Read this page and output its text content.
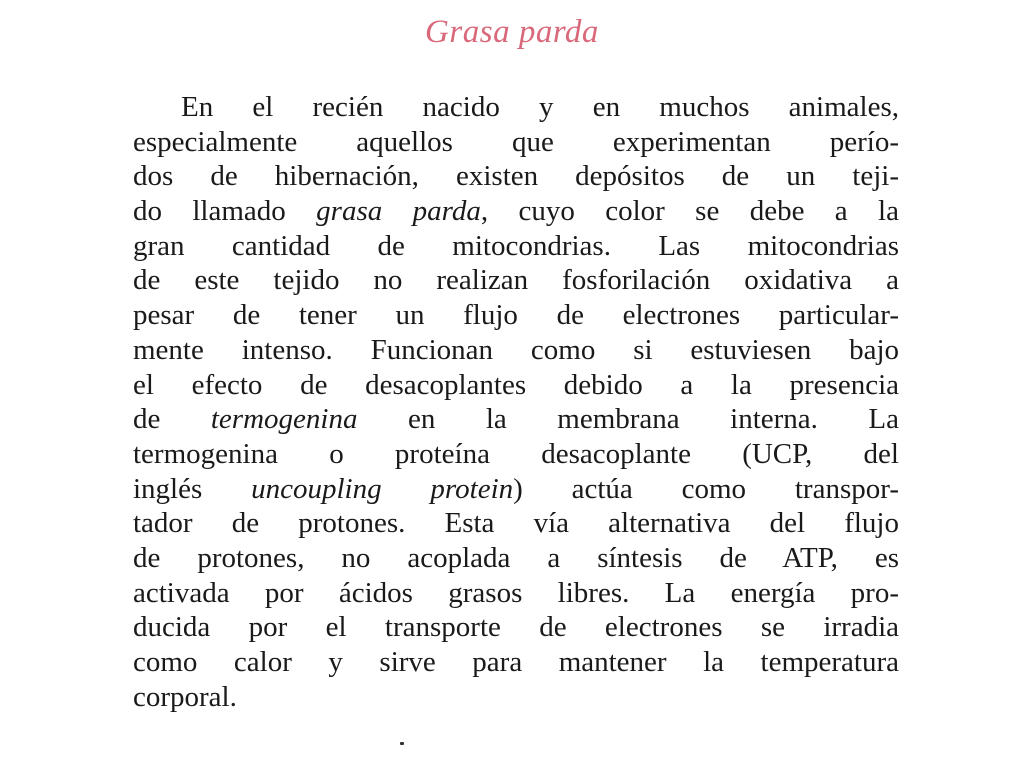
Grasa parda
En el recién nacido y en muchos animales,
especialmente aquellos que experimentan perío-
dos de hibernación, existen depósitos de un teji-
do llamado grasa parda, cuyo color se debe a la
gran cantidad de mitocondrias. Las mitocondrias
de este tejido no realizan fosforilación oxidativa a
pesar de tener un flujo de electrones particular-
mente intenso. Funcionan como si estuviesen bajo
el efecto de desacoplantes debido a la presencia
de termogenina en la membrana interna. La
termogenina o proteína desacoplante (UCP, del
inglés uncoupling protein) actúa como transpor-
tador de protones. Esta vía alternativa del flujo
de protones, no acoplada a síntesis de ATP, es
activada por ácidos grasos libres. La energía pro-
ducida por el transporte de electrones se irradia
como calor y sirve para mantener la temperatura
corporal.
